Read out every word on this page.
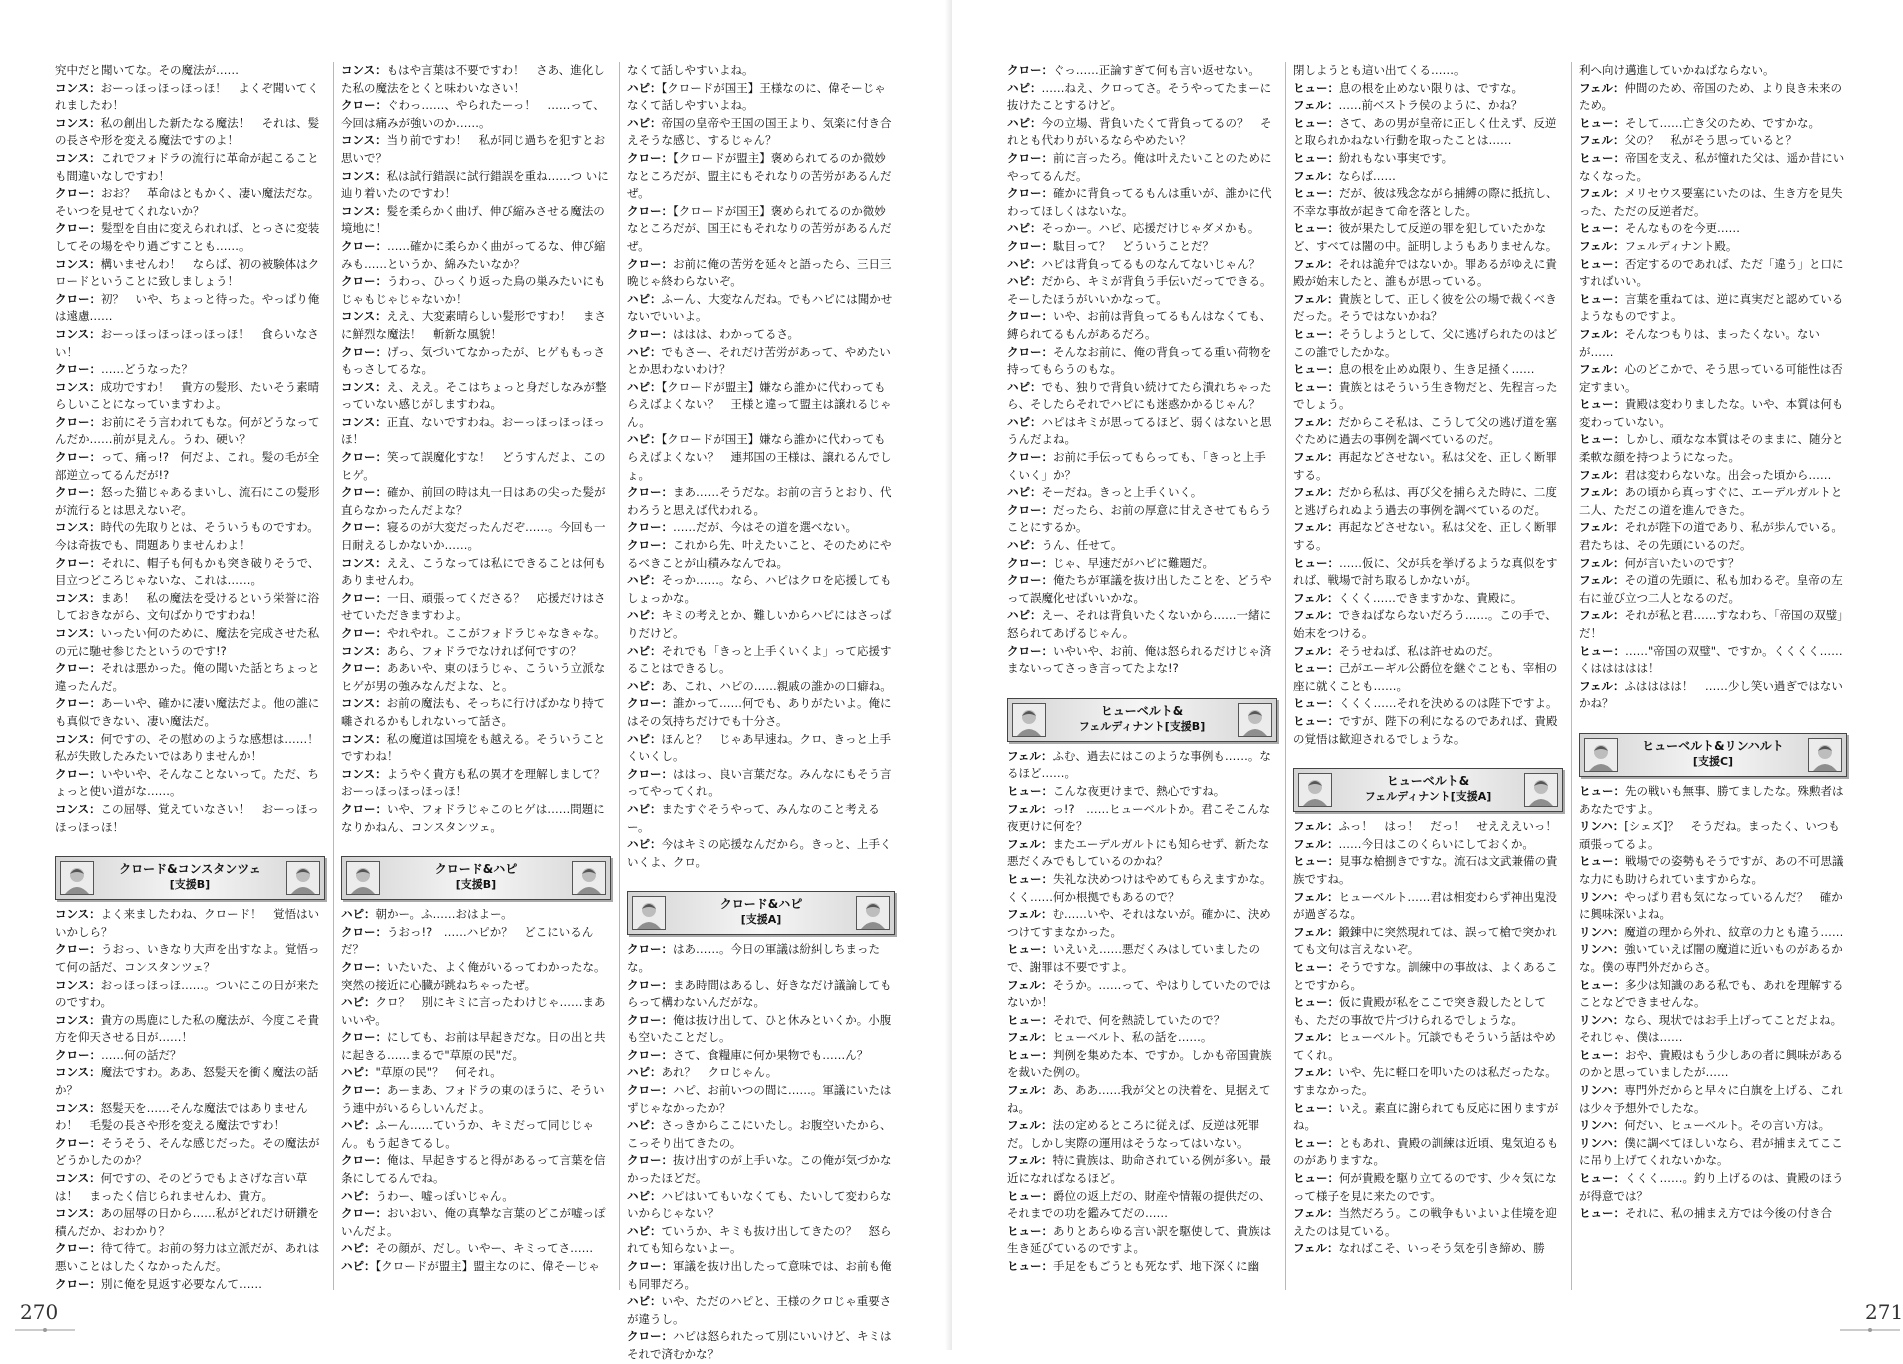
究中だと聞いてな。その魔法が……

コンス：おーっほっほっほっほ！　よくぞ聞いてくれましたわ！

コンス：私の創出した新たなる魔法！　それは、髪の長さや形を変える魔法ですのよ！

コンス：これでフォドラの流行に革命が起こることも間違いなしですわ！

クロー：おお？　革命はともかく、凄い魔法だな。そいつを見せてくれないか？

クロー：髪型を自由に変えられれば、とっさに変装してその場をやり過ごすことも……。

コンス：構いませんわ！　ならば、初の被験体はクロードということに致しましょう！

クロー：初？　いや、ちょっと待った。やっぱり俺は遠慮……

コンス：おーっほっほっほっほっほ！　食らいなさい！

クロー：……どうなった？

コンス：成功ですわ！　貴方の髪形、たいそう素晴らしいことになっていますわよ。

クロー：お前にそう言われてもな。何がどうなってんだか……前が見えん。うわ、硬い？

クロー：って、痛っ!?　何だよ、これ。髪の毛が全部逆立ってるんだが!?

クロー：怒った猫じゃあるまいし、流石にこの髪形が流行るとは思えないぞ。

コンス：時代の先取りとは、そういうものですわ。今は奇抜でも、問題ありませんわよ！

クロー：それに、帽子も何もかも突き破りそうで、目立つどころじゃないな、これは……。

コンス：まあ！　私の魔法を受けるという栄誉に浴しておきながら、文句ばかりですわね！

コンス：いったい何のために、魔法を完成させた私の元に馳せ参じたというのです!?

クロー：それは悪かった。俺の聞いた話とちょっと違ったんだ。

クロー：あーいや、確かに凄い魔法だよ。他の誰にも真似できない、凄い魔法だ。

コンス：何ですの、その慰めのような感想は……！　私が失敗したみたいではありませんか！

クロー：いやいや、そんなことないって。ただ、ちょっと使い道がな……。

コンス：この屈辱、覚えていなさい！　おーっほっほっほっほ！

クロード&コンスタンツェ
[支援B]

コンス：よく来ましたわね、クロード！　覚悟はいいかしら？

クロー：うおっ、いきなり大声を出すなよ。覚悟って何の話だ、コンスタンツェ？

コンス：おっほっほっほ……。ついにこの日が来たのですわ。

コンス：貴方の馬鹿にした私の魔法が、今度こそ貴方を仰天させる日が……！

クロー：……何の話だ？

コンス：魔法ですわ。ああ、怒髪天を衝く魔法の話か？

コンス：怒髪天を……そんな魔法ではありませんわ！　毛髪の長さや形を変える魔法ですわ！

クロー：そうそう、そんな感じだった。その魔法がどうかしたのか？

コンス：何ですの、そのどうでもよさげな言い草は！　まったく信じられませんわ、貴方。

コンス：あの屈辱の日から……私がどれだけ研鑽を積んだか、おわかり？

クロー：待て待て。お前の努力は立派だが、あれは悪いことはしたくなかったんだ。

クロー：別に俺を見返す必要なんて……

コンス：もはや言葉は不要ですわ！　さあ、進化した私の魔法をとくと味わいなさい！

クロー：ぐわっ……、やられたーっ！　……って、今回は痛みが強いのか……。

コンス：当り前ですわ！　私が同じ過ちを犯すとお思いで？

コンス：私は試行錯誤に試行錯誤を重ね……つ いに辿り着いたのですわ！

コンス：髪を柔らかく曲げ、伸び縮みさせる魔法の境地に！

クロー：……確かに柔らかく曲がってるな、伸び縮みも……というか、綿みたいなか？

クロー：うわっ、ひっくり返った鳥の巣みたいにもじゃもじゃじゃないか！

コンス：ええ、大変素晴らしい髪形ですわ！　まさに鮮烈な魔法！　斬新な風貌！

クロー：げっ、気づいてなかったが、ヒゲももっさもっさしてるな。

コンス：え、ええ。そこはちょっと身だしなみが整っていない感じがしますわね。

コンス：正直、ないですわね。おーっほっほっほっほ！

クロー：笑って誤魔化すな！　どうすんだよ、このヒゲ。

クロー：確か、前回の時は丸一日はあの尖った髪が直らなかったんだよな？

クロー：寝るのが大変だったんだぞ……。今回も一日耐えるしかないか……。

コンス：ええ、こうなっては私にできることは何もありませんわ。

クロー：一日、頑張ってくださる？　応援だけはさせていただきますわよ。

クロー：やれやれ。ここがフォドラじゃなきゃな。

コンス：あら、フォドラでなければ何ですの？

クロー：ああいや、東のほうじゃ、こういう立派なヒゲが男の強みなんだよな、と。

コンス：お前の魔法も、そっちに行けばかなり持て囃されるかもしれないって話さ。

コンス：私の魔道は国境をも越える。そういうことですわね！

コンス：ようやく貴方も私の異才を理解しまして？　おーっほっほっほっほ！

クロー：いや、フォドラじゃこのヒゲは……問題になりかねん、コンスタンツェ。

クロード&ハピ
[支援B]

ハピ：朝かー。ふ……おはよー。

クロー：うおっ!?　……ハピか？　どこにいるんだ？

クロー：いたいた、よく俺がいるってわかったな。突然の接近に心臓が跳ねちゃったぜ。

ハピ：クロ？　別にキミに言ったわけじゃ……まあいいや。

クロー：にしても、お前は早起きだな。日の出と共に起きる……まるで"草原の民"だ。

ハピ："草原の民"？　何それ。

クロー：あーまあ、フォドラの東のほうに、そういう連中がいるらしいんだよ。

ハピ：ふーん……ていうか、キミだって同じじゃん。もう起きてるし。

クロー：俺は、早起きすると得があるって言葉を信条にしてるんでね。

ハピ：うわー、嘘っぽいじゃん。

クロー：おいおい、俺の真摯な言葉のどこが嘘っぽいんだよ。

ハピ：その顔が、だし。いやー、キミってさ……

ハピ：【クロードが盟主】盟主なのに、偉そーじゃ

なくて話しやすいよね。

ハピ：【クロードが国王】王様なのに、偉そーじゃなくて話しやすいよね。

ハピ：帝国の皇帝や王国の国王より、気楽に付き合えそうな感じ、するじゃん？

クロー：【クロードが盟主】褒められてるのか微妙なところだが、盟主にもそれなりの苦労があるんだぜ。

クロー：【クロードが国王】褒められてるのか微妙なところだが、国王にもそれなりの苦労があるんだぜ。

クロー：お前に俺の苦労を延々と語ったら、三日三晩じゃ終わらないぞ。

ハピ：ふーん、大変なんだね。でもハピには聞かせないでいいよ。

クロー：ははは、わかってるさ。

ハピ：でもさー、それだけ苦労があって、やめたいとか思わないわけ？

ハピ：【クロードが盟主】嫌なら誰かに代わってもらえばよくない？　王様と違って盟主は譲れるじゃん。

ハピ：【クロードが国王】嫌なら誰かに代わってもらえばよくない？　連邦国の王様は、譲れるんでしょ。

クロー：まあ……そうだな。お前の言うとおり、代わろうと思えば代われる。

クロー：……だが、今はその道を選べない。

クロー：これから先、叶えたいこと、そのためにやるべきことが山積みなんでね。

ハピ：そっか……。なら、ハピはクロを応援してもしょっかな。

ハピ：キミの考えとか、難しいからハピにはさっぱりだけど。

ハピ：それでも「きっと上手くいくよ」って応援することはできるし。

ハピ：あ、これ、ハピの……親戚の誰かの口癖ね。

クロー：誰かって……何でも、ありがたいよ。俺にはその気持ちだけでも十分さ。

ハピ：ほんと？　じゃあ早速ね。クロ、きっと上手くいくし。

クロー：ははっ、良い言葉だな。みんなにもそう言ってやってくれ。

ハピ：またすぐそうやって、みんなのこと考えるー。

ハピ：今はキミの応援なんだから。きっと、上手くいくよ、クロ。

クロード&ハピ
[支援A]

クロー：はあ……。今日の軍議は紛糾しちまったな。

クロー：まあ時間はあるし、好きなだけ議論してもらって構わないんだがな。

クロー：俺は抜け出して、ひと休みといくか。小腹も空いたことだし。

クロー：さて、食糧庫に何か果物でも……ん？

ハピ：あれ？　クロじゃん。

クロー：ハピ、お前いつの間に……。軍議にいたはずじゃなかったか？

ハピ：さっきからここにいたし。お腹空いたから、こっそり出てきたの。

クロー：抜け出すのが上手いな。この俺が気づかなかったほどだ。

ハピ：ハピはいてもいなくても、たいして変わらないからじゃない？

ハピ：ていうか、キミも抜け出してきたの？　怒られても知らないよー。

クロー：軍議を抜け出したって意味では、お前も俺も同罪だろ。

ハピ：いや、ただのハピと、王様のクロじゃ重要さが違うし。

クロー：ハピは怒られたって別にいいけど、キミはそれで済むかな？

270

クロー：ぐっ……正論すぎて何も言い返せない。

ハピ：……ねえ、クロってさ。そうやってたまーに抜けたことするけど。

ハピ：今の立場、背負いたくて背負ってるの？　それとも代わりがいるならやめたい？

クロー：前に言ったろ。俺は叶えたいことのためにやってるんだ。

クロー：確かに背負ってるもんは重いが、誰かに代わってほしくはないな。

ハピ：そっかー。ハピ、応援だけじゃダメかも。

クロー：駄目って？　どういうことだ？

ハピ：ハピは背負ってるものなんてないじゃん？

ハピ：だから、キミが背負う手伝いだってできる。そーしたほうがいいかなって。

クロー：いや、お前は背負ってるもんはなくても、縛られてるもんがあるだろ。

クロー：そんなお前に、俺の背負ってる重い荷物を持ってもらうのもな。

ハピ：でも、独りで背負い続けてたら潰れちゃったら、そしたらそれでハピにも迷惑かかるじゃん？

ハピ：ハピはキミが思ってるほど、弱くはないと思うんだよね。

クロー：お前に手伝ってもらっても、「きっと上手くいく」か？

ハピ：そーだね。きっと上手くいく。

クロー：だったら、お前の厚意に甘えさせてもらうことにするか。

ハピ：うん、任せて。

クロー：じゃ、早速だがハピに難題だ。

クロー：俺たちが軍議を抜け出したことを、どうやって誤魔化せばいいかな。

ハピ：えー、それは背負いたくないから……一緒に怒られてあげるじゃん。

クロー：いやいや、お前、俺は怒られるだけじゃ済まないってさっき言ってたよな!?

ヒューベルト&
フェルディナント[支援B]

フェル：ふむ、過去にはこのような事例も……。なるほど……。

ヒュー：こんな夜更けまで、熱心ですね。

フェル：っ!?　……ヒューベルトか。君こそこんな夜更けに何を？

フェル：またエーデルガルトにも知らせず、新たな悪だくみでもしているのかね？

ヒュー：失礼な決めつけはやめてもらえますかな。くく……何か根拠でもあるので？

フェル：む……いや、それはないが。確かに、決めつけてすまなかった。

ヒュー：いえいえ……悪だくみはしていましたので、謝罪は不要ですよ。

フェル：そうか。……って、やはりしていたのではないか！

ヒュー：それで、何を熱読していたので？

フェル：ヒューベルト、私の話を……。

ヒュー：判例を集めた本、ですか。しかも帝国貴族を裁いた例の。

フェル：あ、ああ……我が父との決着を、見据えてね。

フェル：法の定めるところに従えば、反逆は死罪だ。しかし実際の運用はそうなってはいない。

フェル：特に貴族は、助命されている例が多い。最近になればなるほど。

ヒュー：爵位の返上だの、財産や情報の提供だの、それまでの功を鑑みてだの……

ヒュー：ありとあらゆる言い訳を駆使して、貴族は生き延びているのですよ。

ヒュー：手足をもごうとも死なず、地下深くに幽

閉しようとも這い出てくる……。

ヒュー：息の根を止めない限りは、ですな。

フェル：……前ベストラ侯のように、かね？

ヒュー：さて、あの男が皇帝に正しく仕えず、反逆と取られかねない行動を取ったことは……

ヒュー：紛れもない事実です。

フェル：ならば……

ヒュー：だが、彼は残念ながら捕縛の際に抵抗し、不幸な事故が起きて命を落とした。

ヒュー：彼が果たして反逆の罪を犯していたかなど、すべては闇の中。証明しようもありませんな。

フェル：それは詭弁ではないか。罪あるがゆえに貴殿が始末したと、誰もが思っている。

フェル：貴族として、正しく彼を公の場で裁くべきだった。そうではないかね？

ヒュー：そうしようとして、父に逃げられたのはどこの誰でしたかな。

ヒュー：息の根を止めぬ限り、生き足掻く……

ヒュー：貴族とはそういう生き物だと、先程言ったでしょう。

フェル：だからこそ私は、こうして父の逃げ道を塞ぐために過去の事例を調べているのだ。

フェル：再起などさせない。私は父を、正しく断罪する。

フェル：だから私は、再び父を捕らえた時に、二度と逃げられぬよう過去の事例を調べているのだ。

フェル：再起などさせない。私は父を、正しく断罪する。

ヒュー：……仮に、父が兵を挙げるような真似をすれば、戦場で討ち取るしかないが。

フェル：くくく……できますかな、貴殿に。

フェル：できねばならないだろう……。この手で、始末をつける。

フェル：そうせねば、私は許せぬのだ。

ヒュー：己がエーギル公爵位を継ぐことも、宰相の座に就くことも……。

ヒュー：くくく……それを決めるのは陛下ですよ。

ヒュー：ですが、陛下の利になるのであれば、貴殿の覚悟は歓迎されるでしょうな。

ヒューベルト&
フェルディナント[支援A]

フェル：ふっ！　はっ！　だっ！　せえええいっ！

フェル：……今日はこのくらいにしておくか。

ヒュー：見事な槍捌きですな。流石は文武兼備の貴族ですね。

フェル：ヒューベルト……君は相変わらず神出鬼没が過ぎるな。

フェル：鍛錬中に突然現れては、誤って槍で突かれても文句は言えないぞ。

ヒュー：そうですな。訓練中の事故は、よくあることですから。

ヒュー：仮に貴殿が私をここで突き殺したとしても、ただの事故で片づけられるでしょうな。

フェル：ヒューベルト。冗談でもそういう話はやめてくれ。

フェル：いや、先に軽口を叩いたのは私だったな。すまなかった。

ヒュー：いえ。素直に謝られても反応に困りますがね。

ヒュー：ともあれ、貴殿の訓練は近頃、鬼気迫るものがありますな。

ヒュー：何が貴殿を駆り立てるのです、少々気になって様子を見に来たのです。

フェル：当然だろう。この戦争もいよいよ佳境を迎えたのは見ている。

フェル：なればこそ、いっそう気を引き締め、勝

利へ向け邁進していかねばならない。

フェル：仲間のため、帝国のため、より良き未来のため。

ヒュー：そして……亡き父のため、ですかな。

フェル：父の？　私がそう思っていると？

ヒュー：帝国を支え、私が憧れた父は、遥か昔にいなくなった。

フェル：メリセウス要塞にいたのは、生き方を見失った、ただの反逆者だ。

ヒュー：そんなものを今更……

フェル：フェルディナント殿。

ヒュー：否定するのであれば、ただ「違う」と口にすればいい。

ヒュー：言葉を重ねては、逆に真実だと認めているようなものですよ。

フェル：そんなつもりは、まったくない。ないが……

フェル：心のどこかで、そう思っている可能性は否定すまい。

ヒュー：貴殿は変わりましたな。いや、本質は何も変わっていない。

ヒュー：しかし、頑なな本質はそのままに、随分と柔軟な顔を持つようになった。

フェル：君は変わらないな。出会った頃から……

フェル：あの頃から真っすぐに、エーデルガルトと二人、ただこの道を進んできた。

フェル：それが陛下の道であり、私が歩んでいる。君たちは、その先頭にいるのだ。

フェル：何が言いたいのです？

フェル：その道の先頭に、私も加わるぞ。皇帝の左右に並び立つ二人となるのだ。

フェル：それが私と君……すなわち、「帝国の双璧」だ！

ヒュー：……"帝国の双璧"、ですか。くくくく……くははははは！

フェル：ふはははは！　……少し笑い過ぎではないかね？

ヒューベルト&リンハルト
[支援C]

ヒュー：先の戦いも無事、勝てましたな。殊勲者はあなたですよ。

リンハ：[シェズ]？　そうだね。まったく、いつも頑張ってるよ。

ヒュー：戦場での姿勢もそうですが、あの不可思議な力にも助けられていますからな。

リンハ：やっぱり君も気になっているんだ？　確かに興味深いよね。

リンハ：魔道の理から外れ、紋章の力とも違う……

リンハ：強いていえば闇の魔道に近いものがあるかな。僕の専門外だからさ。

ヒュー：多少は知識のある私でも、あれを理解することなどできませんな。

リンハ：なら、現状ではお手上げってことだよね。それじゃ、僕は……

ヒュー：おや、貴殿はもう少しあの者に興味があるのかと思っていましたが……

リンハ：専門外だからと早々に白旗を上げる、これは少々予想外でしたな。

リンハ：何だい、ヒューベルト。その言い方は。

リンハ：僕に調べてほしいなら、君が捕まえてここに吊り上げてくれないかな。

ヒュー：くくく……。釣り上げるのは、貴殿のほうが得意では？

ヒュー：それに、私の捕まえ方では今後の付き合

271
